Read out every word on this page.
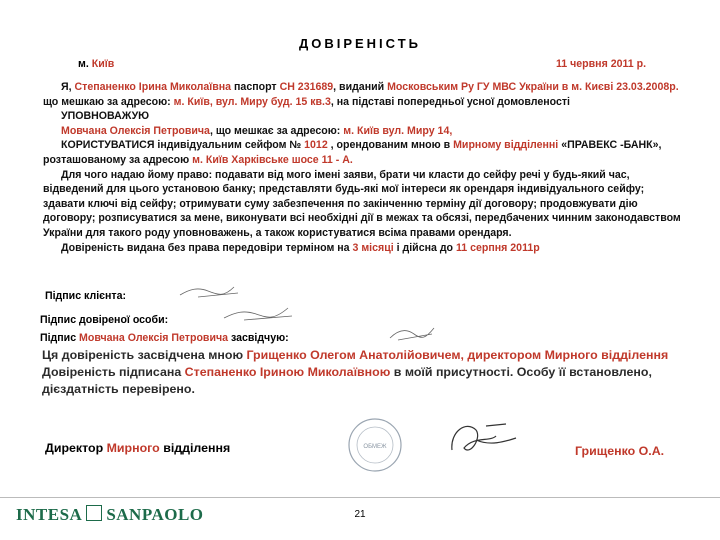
ДОВІРЕНІСТЬ
м. Київ	11 червня 2011 р.

Я, Степаненко Ірина Миколаївна паспорт СН 231689, виданий Московським Ру ГУ МВС України в м. Києві 23.03.2008р. що мешкаю за адресою: м. Київ, вул. Миру буд. 15 кв.3, на підставі попередньої усної домовленості

УПОВНОВАЖУЮ

Мовчана Олексія Петровича, що мешкає за адресою: м. Київ вул. Миру 14,

КОРИСТУВАТИСЯ індивідуальним сейфом № 1012 , орендованим мною в Мирному відділенні «ПРАВЕКС -БАНК», розташованому за адресою м. Київ Харківське шосе 11 - А.

Для чого надаю йому право: подавати від мого імені заяви, брати чи класти до сейфу речі у будь-який час, відведений для цього установою банку; представляти будь-які мої інтереси як орендаря індивідуального сейфу; здавати ключі від сейфу; отримувати суму забезпечення по закінченню терміну дії договору; продовжувати дію договору; розписуватися за мене, виконувати всі необхідні дії в межах та обсязі, передбачених чинним законодавством України для такого роду уповноважень, а також користуватися всіма правами орендаря.

Довіреність видана без права передовіри терміном на 3 місяці і дійсна до 11 серпня 2011р

Підпис клієнта:
Підпис довіреної особи:
Підпис Мовчана Олексія Петровича засвідчую:

Ця довіреність засвідчена мною Грищенко Олегом Анатолійовичем, директором Мирного відділення

Довіреність підписана Степаненко Іриною Миколаївною в моїй присутності. Особу її встановлено, дієздатність перевірено.

ОБМЕЖ
Директор Мирного відділення	Грищенко О.А.
INTESA SANPAOLO	21
